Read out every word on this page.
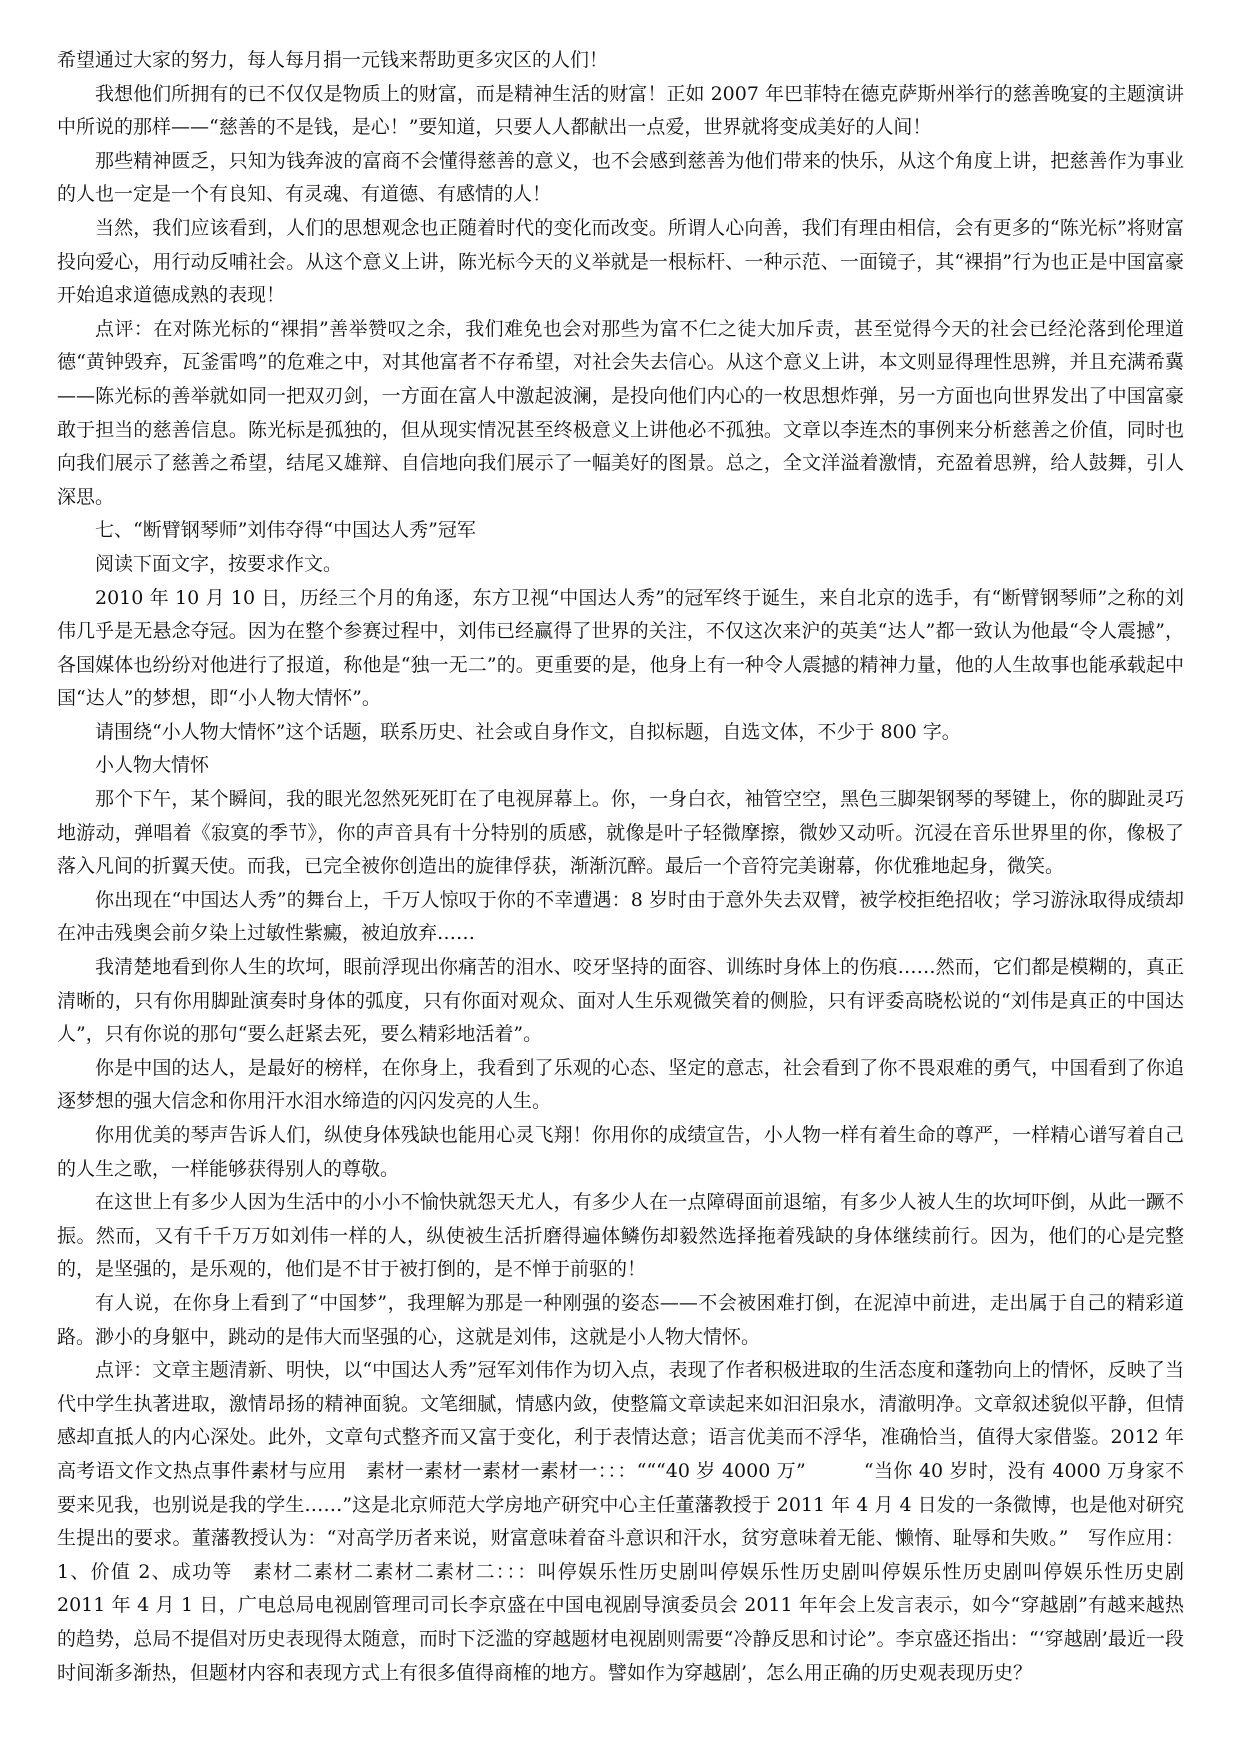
希望通过大家的努力，每人每月捐一元钱来帮助更多灾区的人们！

我想他们所拥有的已不仅仅是物质上的财富，而是精神生活的财富！正如 2007 年巴菲特在德克萨斯州举行的慈善晚宴的主题演讲中所说的那样——“慈善的不是钱，是心！”要知道，只要人人都献出一点爱，世界就将变成美好的人间！

那些精神匮乏，只知为钱奔波的富商不会懂得慈善的意义，也不会感到慈善为他们带来的快乐，从这个角度上讲，把慈善作为事业的人也一定是一个有良知、有灵魂、有道德、有感情的人！

当然，我们应该看到，人们的思想观念也正随着时代的变化而改变。所谓人心向善，我们有理由相信，会有更多的“陈光标”将财富投向爱心，用行动反哺社会。从这个意义上讲，陈光标今天的义举就是一根标杆、一种示范、一面镜子，其“裸捐”行为也正是中国富豪开始追求道德成熟的表现！

点评：在对陈光标的“裸捐”善举赞叹之余，我们难免也会对那些为富不仁之徒大加斥责，甚至觉得今天的社会已经沦落到伦理道德“黄钟毁弃，瓦釜雷鸣”的危难之中，对其他富者不存希望，对社会失去信心。从这个意义上讲，本文则显得理性思辨，并且充满希冀——陈光标的善举就如同一把双刃剑，一方面在富人中激起波澜，是投向他们内心的一枚思想炸弹，另一方面也向世界发出了中国富豪敢于担当的慈善信息。陈光标是孤独的，但从现实情况甚至终极意义上讲他必不孤独。文章以李连杰的事例来分析慈善之价值，同时也向我们展示了慈善之希望，结尾又雄辩、自信地向我们展示了一幅美好的图景。总之，全文洋溢着激情，充盈着思辨，给人鼓舞，引人深思。

七、“断臂钢琴师”刘伟夺得“中国达人秀”冠军

阅读下面文字，按要求作文。

2010 年 10 月 10 日，历经三个月的角逐，东方卫视“中国达人秀”的冠军终于诞生，来自北京的选手，有“断臂钢琴师”之称的刘伟几乎是无悬念夺冠。因为在整个参赛过程中，刘伟已经赢得了世界的关注，不仅这次来沪的英美“达人”都一致认为他最“令人震撼”，各国媒体也纷纷对他进行了报道，称他是“独一无二”的。更重要的是，他身上有一种令人震撼的精神力量，他的人生故事也能承载起中国“达人”的梦想，即“小人物大情怀”。

请围绕“小人物大情怀”这个话题，联系历史、社会或自身作文，自拟标题，自选文体，不少于 800 字。

小人物大情怀

那个下午，某个瞬间，我的眼光忽然死死盯在了电视屏幕上。你，一身白衣，袖管空空，黑色三脚架钢琴的琴键上，你的脚趾灵巧地游动，弹唱着《寂寞的季节》，你的声音具有十分特别的质感，就像是叶子轻微摩擦，微妙又动听。沉浸在音乐世界里的你，像极了落入凡间的折翼天使。而我，已完全被你创造出的旋律俘获，渐渐沉醉。最后一个音符完美谢幕，你优雅地起身，微笑。

你出现在“中国达人秀”的舞台上，千万人惊叹于你的不幸遭遇：8 岁时由于意外失去双臂，被学校拒绝招收；学习游泳取得成绩却在冲击残奥会前夕染上过敏性紫癜，被迫放弃……

我清楚地看到你人生的坎坷，眼前浮现出你痛苦的泪水、咬牙坚持的面容、训练时身体上的伤痕……然而，它们都是模糊的，真正清晰的，只有你用脚趾演奏时身体的弧度，只有你面对观众、面对人生乐观微笑着的侧脸，只有评委高晓松说的“刘伟是真正的中国达人”，只有你说的那句“要么赶紧去死，要么精彩地活着”。

你是中国的达人，是最好的榜样，在你身上，我看到了乐观的心态、坚定的意志，社会看到了你不畏艰难的勇气，中国看到了你追逐梦想的强大信念和你用汗水泪水缔造的闪闪发亮的人生。

你用优美的琴声告诉人们，纵使身体残缺也能用心灵飞翔！你用你的成绩宣告，小人物一样有着生命的尊严，一样精心谱写着自己的人生之歌，一样能够获得别人的尊敬。

在这世上有多少人因为生活中的小小不愉快就怨天尤人，有多少人在一点障碍面前退缩，有多少人被人生的坎坷吓倒，从此一蹶不振。然而，又有千千万万如刘伟一样的人，纵使被生活折磨得遍体鳞伤却毅然选择拖着残缺的身体继续前行。因为，他们的心是完整的，是坚强的，是乐观的，他们是不甘于被打倒的，是不惮于前驱的！

有人说，在你身上看到了“中国梦”，我理解为那是一种刚强的姿态——不会被困难打倒，在泥淖中前进，走出属于自己的精彩道路。渺小的身躯中，跳动的是伟大而坚强的心，这就是刘伟，这就是小人物大情怀。

点评：文章主题清新、明快，以“中国达人秀”冠军刘伟作为切入点，表现了作者积极进取的生活态度和蓬勃向上的情怀，反映了当代中学生执著进取，激情昂扬的精神面貌。文笔细腻，情感内敛，使整篇文章读起来如汩汩泉水，清澈明净。文章叙述貌似平静，但情感却直抵人的内心深处。此外，文章句式整齐而又富于变化，利于表情达意；语言优美而不浮华，准确恰当，值得大家借鉴。2012 年高考语文作文热点事件素材与应用　素材一素材一素材一素材一：：：“““40 岁 4000 万”　　　“当你 40 岁时，没有 4000 万身家不要来见我，也别说是我的学生……”这是北京师范大学房地产研究中心主任董藩教授于 2011 年 4 月 4 日发的一条微博，也是他对研究生提出的要求。董藩教授认为：“对高学历者来说，财富意味着奋斗意识和汗水，贫穷意味着无能、懒惰、耻辱和失败。”　写作应用：1、价值 2、成功等　素材二素材二素材二素材二：：：叫停娱乐性历史剧叫停娱乐性历史剧叫停娱乐性历史剧叫停娱乐性历史剧　　　2011 年 4 月 1 日，广电总局电视剧管理司司长李京盛在中国电视剧导演委员会 2011 年年会上发言表示，如今“穿越剧”有越来越热的趋势，总局不提倡对历史表现得太随意，而时下泛滥的穿越题材电视剧则需要“冷静反思和讨论”。李京盛还指出：“‘穿越剧’最近一段时间渐多渐热，但题材内容和表现方式上有很多值得商榷的地方。譬如作为穿越剧’，怎么用正确的历史观表现历史？
